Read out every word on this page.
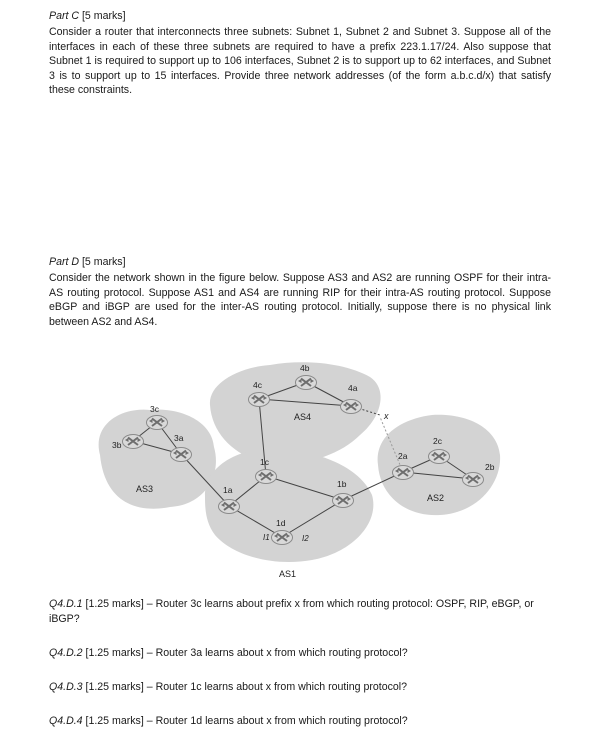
Part C [5 marks]
Consider a router that interconnects three subnets: Subnet 1, Subnet 2 and Subnet 3. Suppose all of the interfaces in each of these three subnets are required to have a prefix 223.1.17/24. Also suppose that Subnet 1 is required to support up to 106 interfaces, Subnet 2 is to support up to 62 interfaces, and Subnet 3 is to support up to 15 interfaces. Provide three network addresses (of the form a.b.c.d/x) that satisfy these constraints.
Part D [5 marks]
Consider the network shown in the figure below. Suppose AS3 and AS2 are running OSPF for their intra-AS routing protocol. Suppose AS1 and AS4 are running RIP for their intra-AS routing protocol. Suppose eBGP and iBGP are used for the inter-AS routing protocol. Initially, suppose there is no physical link between AS2 and AS4.
AS3
AS4
AS2
AS1
3a
3b
3c
4a
4b
4c
1a
1b
1c
1d
2a
2b
2c
I1	I2
x
Q4.D.1 [1.25 marks] – Router 3c learns about prefix x from which routing protocol: OSPF, RIP, eBGP, or iBGP?
Q4.D.2 [1.25 marks] – Router 3a learns about x from which routing protocol?
Q4.D.3 [1.25 marks] – Router 1c learns about x from which routing protocol?
Q4.D.4 [1.25 marks] – Router 1d learns about x from which routing protocol?
